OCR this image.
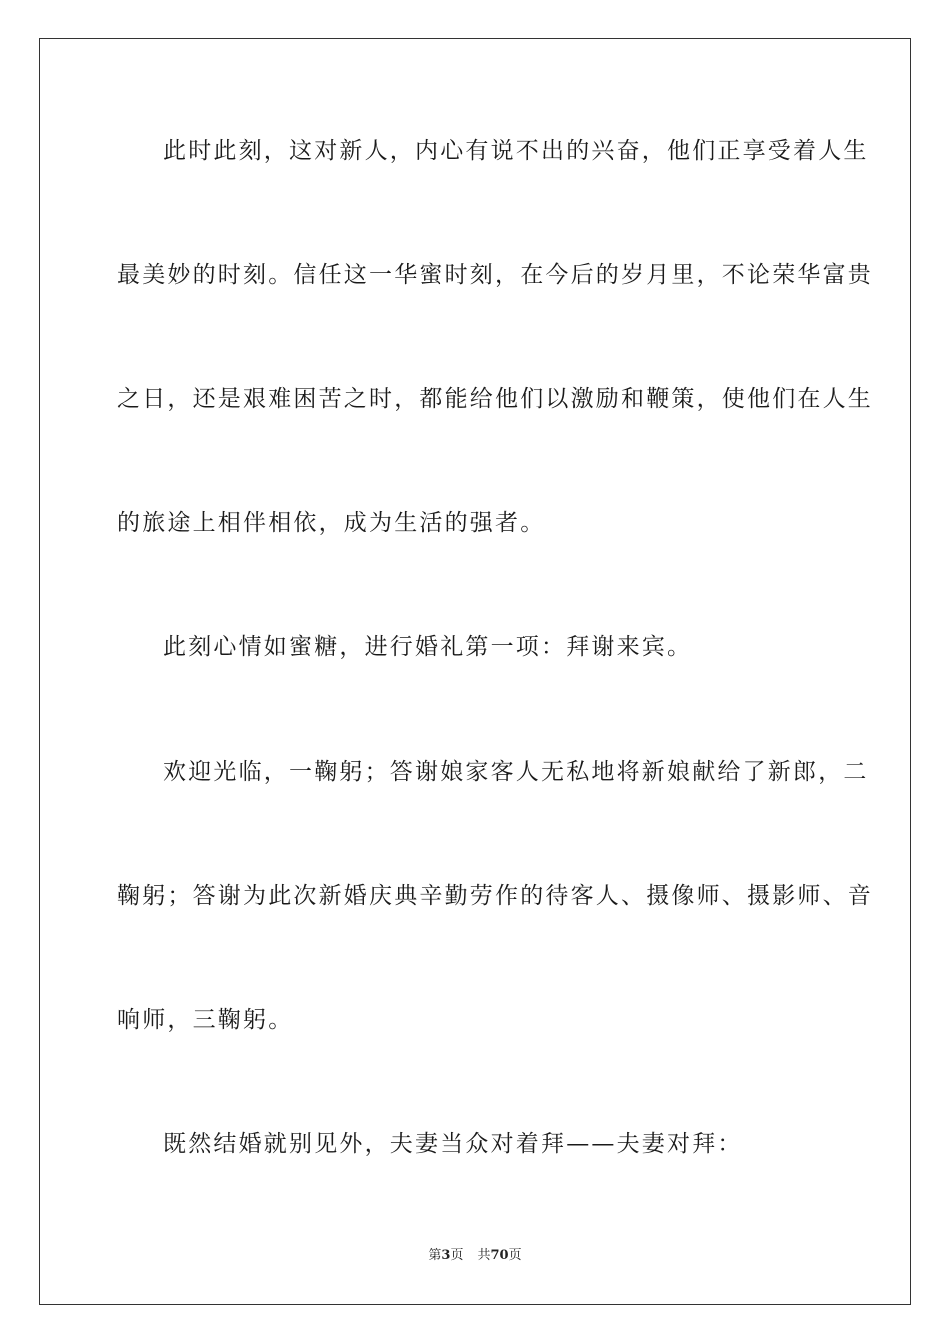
此时此刻，这对新人，内心有说不出的兴奋，他们正享受着人生
最美妙的时刻。信任这一华蜜时刻，在今后的岁月里，不论荣华富贵
之日，还是艰难困苦之时，都能给他们以激励和鞭策，使他们在人生
的旅途上相伴相依，成为生活的强者。
此刻心情如蜜糖，进行婚礼第一项：拜谢来宾。
欢迎光临，一鞠躬；答谢娘家客人无私地将新娘献给了新郎，二
鞠躬；答谢为此次新婚庆典辛勤劳作的待客人、摄像师、摄影师、音
响师，三鞠躬。
既然结婚就别见外，夫妻当众对着拜——夫妻对拜：
第3页 共70页
